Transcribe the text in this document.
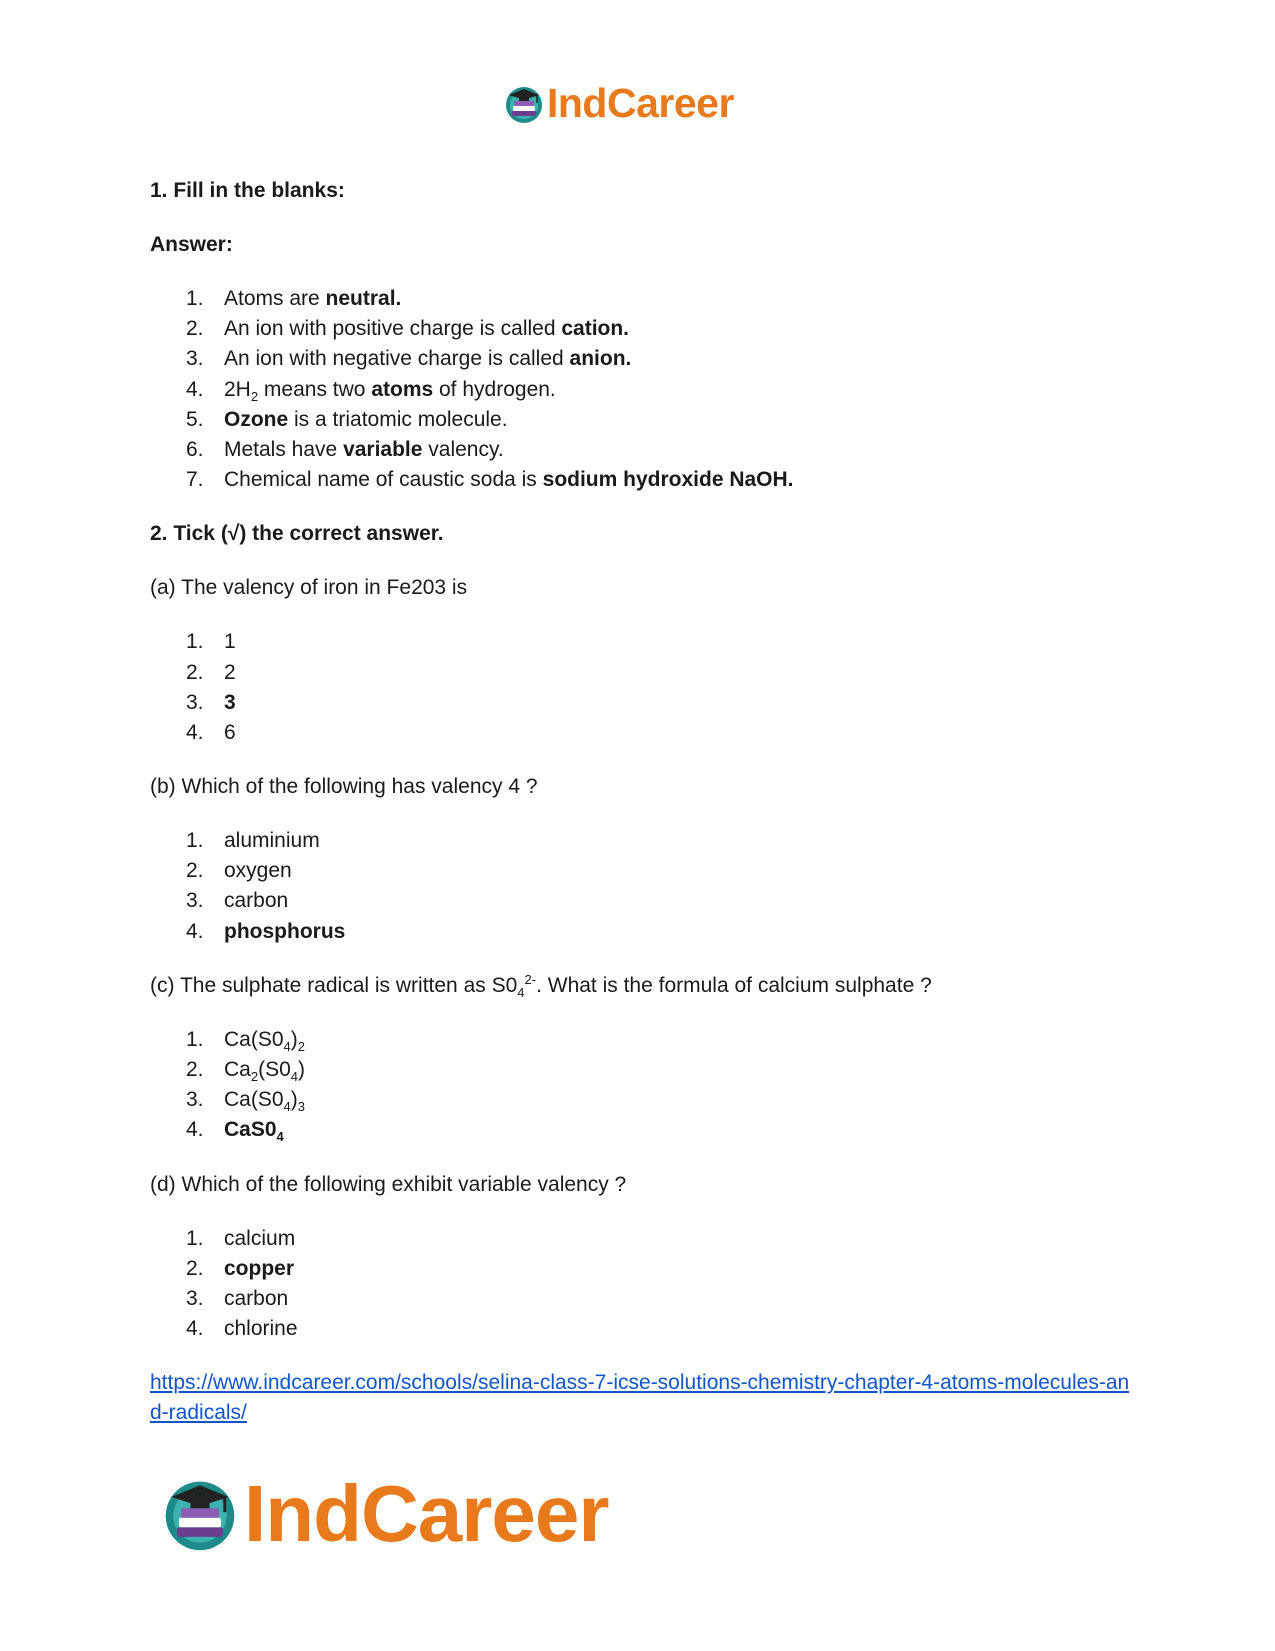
IndCareer

1. Fill in the blanks:

Answer:

1. Atoms are neutral.
2. An ion with positive charge is called cation.
3. An ion with negative charge is called anion.
4. $2H_2$ means two atoms of hydrogen.
5. Ozone is a triatomic molecule.
6. Metals have variable valency.
7. Chemical name of caustic soda is sodium hydroxide NaOH.

2. Tick (√) the correct answer.

(a) The valency of iron in Fe203 is

1. 1
2. 2
3. 3
4. 6

(b) Which of the following has valency 4 ?

1. aluminium
2. oxygen
3. carbon
4. phosphorus

(c) The sulphate radical is written as $S0_4^{2-}$. What is the formula of calcium sulphate ?

1. $Ca(S0_4)_2$
2. $Ca_2(S0_4)$
3. $Ca(S0_4)_3$
4. $CaS0_4$

(d) Which of the following exhibit variable valency ?

1. calcium
2. copper
3. carbon
4. chlorine

https://www.indcareer.com/schools/selina-class-7-icse-solutions-chemistry-chapter-4-atoms-molecules-and-radicals/

IndCareer
